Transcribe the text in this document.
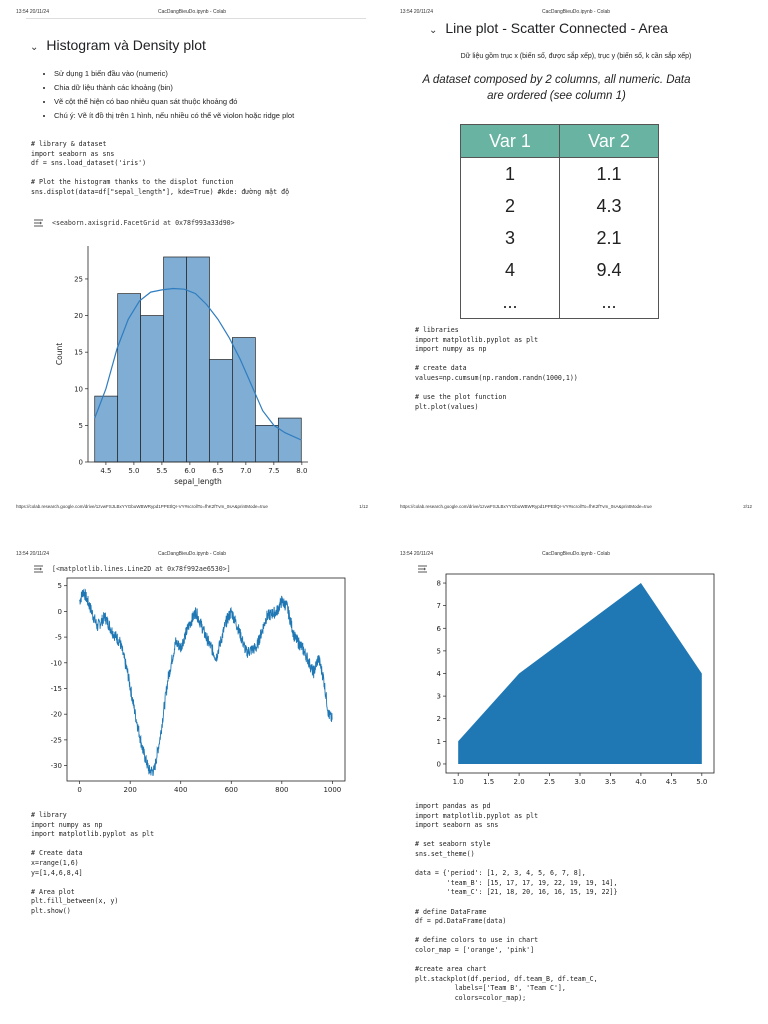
13:54 20/11/24	CacDangBieuDo.ipynb - Colab
⌄ Histogram và Density plot
• Sử dụng 1 biến đầu vào (numeric)
• Chia dữ liệu thành các khoảng (bin)
• Vẽ cột thể hiện có bao nhiêu quan sát thuộc khoảng đó
• Chú ý: Vẽ ít đồ thị trên 1 hình, nếu nhiều có thể vẽ violon hoặc ridge plot
# library & dataset
import seaborn as sns
df = sns.load_dataset('iris')

# Plot the histogram thanks to the displot function
sns.displot(data=df["sepal_length"], kde=True) #kde: đường mật độ
<seaborn.axisgrid.FacetGrid at 0x78f993a33d90>
4.5 5.0 5.5 6.0 6.5 7.0 7.5 8.0
0
5
10
15
20
25
sepal_length
Count
https://colab.research.google.com/drive/1zvwFSJLBxYYGbuWBWRypd1PPEtlQr-VY#scrollTo=fhK2fTvm_0sA&printMode=true	1/12
13:54 20/11/24	CacDangBieuDo.ipynb - Colab
⌄ Line plot - Scatter Connected - Area
Dữ liệu gồm trục x (biến số, được sắp xếp), trục y (biến số, k cần sắp xếp)
A dataset composed by 2 columns, all numeric. Data are ordered (see column 1)
Var 1	Var 2
1	1.1
2	4.3
3	2.1
4	9.4
...	...
# libraries
import matplotlib.pyplot as plt
import numpy as np

# create data
values=np.cumsum(np.random.randn(1000,1))

# use the plot function
plt.plot(values)
https://colab.research.google.com/drive/1zvwFSJLBxYYGbuWBWRypd1PPEtlQr-VY#scrollTo=fhK2fTvm_0sA&printMode=true	2/12
13:54 20/11/24	CacDangBieuDo.ipynb - Colab
[<matplotlib.lines.Line2D at 0x78f992ae6530>]
0	200	400	600	800	1000
5
0
-5
-10
-15
-20
-25
-30
# library
import numpy as np
import matplotlib.pyplot as plt

# Create data
x=range(1,6)
y=[1,4,6,8,4]

# Area plot
plt.fill_between(x, y)
plt.show()
13:54 20/11/24	CacDangBieuDo.ipynb - Colab
1.0	1.5	2.0	2.5	3.0	3.5	4.0	4.5	5.0
0
1
2
3
4
5
6
7
8
import pandas as pd
import matplotlib.pyplot as plt
import seaborn as sns

# set seaborn style
sns.set_theme()

data = {'period': [1, 2, 3, 4, 5, 6, 7, 8],
'team_B': [15, 17, 17, 19, 22, 19, 19, 14],
'team_C': [21, 18, 20, 16, 16, 15, 19, 22]}

# define DataFrame
df = pd.DataFrame(data)

# define colors to use in chart
color_map = ['orange', 'pink']

#create area chart
plt.stackplot(df.period, df.team_B, df.team_C,
labels=['Team B', 'Team C'],
colors=color_map);
